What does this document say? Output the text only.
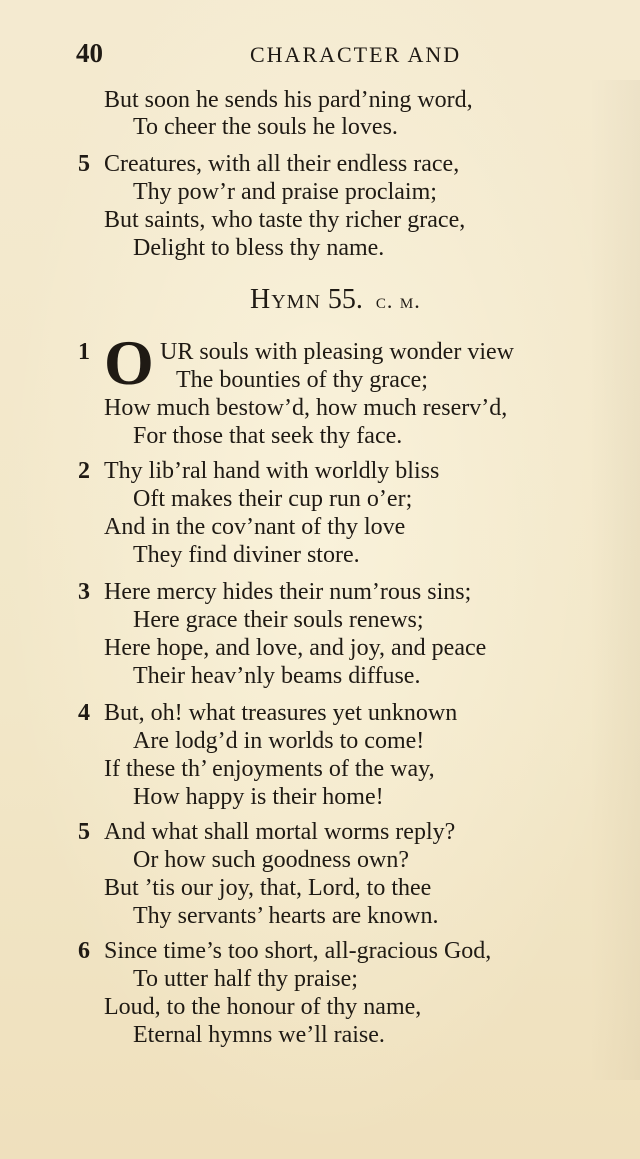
40	CHARACTER AND
But soon he sends his pard’ning word,
To cheer the souls he loves.
5 Creatures, with all their endless race,
Thy pow’r and praise proclaim;
But saints, who taste thy richer grace,
Delight to bless thy name.
Hymn 55. c. m.
1 O UR souls with pleasing wonder view
The bounties of thy grace;
How much bestow’d, how much reserv’d,
For those that seek thy face.
2 Thy lib’ral hand with worldly bliss
Oft makes their cup run o’er;
And in the cov’nant of thy love
They find diviner store.
3 Here mercy hides their num’rous sins;
Here grace their souls renews;
Here hope, and love, and joy, and peace
Their heav’nly beams diffuse.
4 But, oh! what treasures yet unknown
Are lodg’d in worlds to come!
If these th’ enjoyments of the way,
How happy is their home!
5 And what shall mortal worms reply?
Or how such goodness own?
But ’tis our joy, that, Lord, to thee
Thy servants’ hearts are known.
6 Since time’s too short, all-gracious God,
To utter half thy praise;
Loud, to the honour of thy name,
Eternal hymns we’ll raise.
